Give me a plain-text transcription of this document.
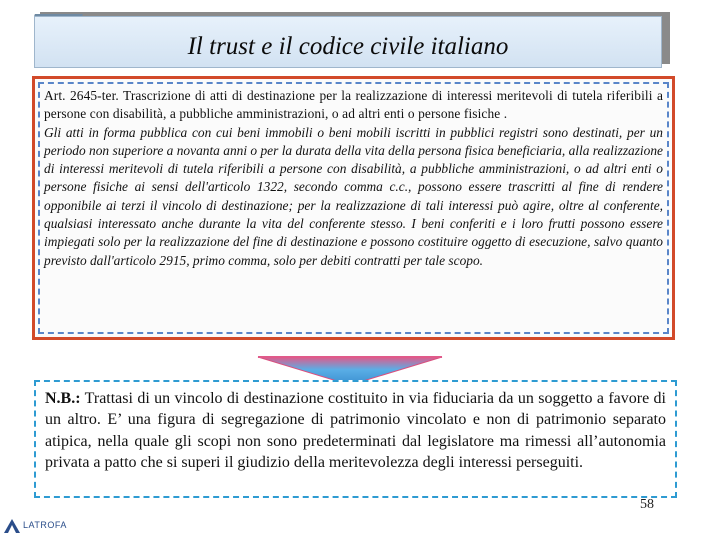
Il trust e il codice civile italiano
Art. 2645-ter. Trascrizione di atti di destinazione per la realizzazione di interessi meritevoli di tutela riferibili a persone con disabilità, a pubbliche amministrazioni, o ad altri enti o persone fisiche .
Gli atti in forma pubblica con cui beni immobili o beni mobili iscritti in pubblici registri sono destinati, per un periodo non superiore a novanta anni o per la durata della vita della persona fisica beneficiaria, alla realizzazione di interessi meritevoli di tutela riferibili a persone con disabilità, a pubbliche amministrazioni, o ad altri enti o persone fisiche ai sensi dell'articolo 1322, secondo comma c.c., possono essere trascritti al fine di rendere opponibile ai terzi il vincolo di destinazione; per la realizzazione di tali interessi può agire, oltre al conferente, qualsiasi interessato anche durante la vita del conferente stesso. I beni conferiti e i loro frutti possono essere impiegati solo per la realizzazione del fine di destinazione e possono costituire oggetto di esecuzione, salvo quanto previsto dall'articolo 2915, primo comma, solo per debiti contratti per tale scopo.
N.B.: Trattasi di un vincolo di destinazione costituito in via fiduciaria da un soggetto a favore di un altro. E’ una figura di segregazione di patrimonio vincolato e non di patrimonio separato atipica, nella quale gli scopi non sono predeterminati dal legislatore ma rimessi all’autonomia privata a patto che si superi il giudizio della meritevolezza degli interessi perseguiti.
58
LATROFA
